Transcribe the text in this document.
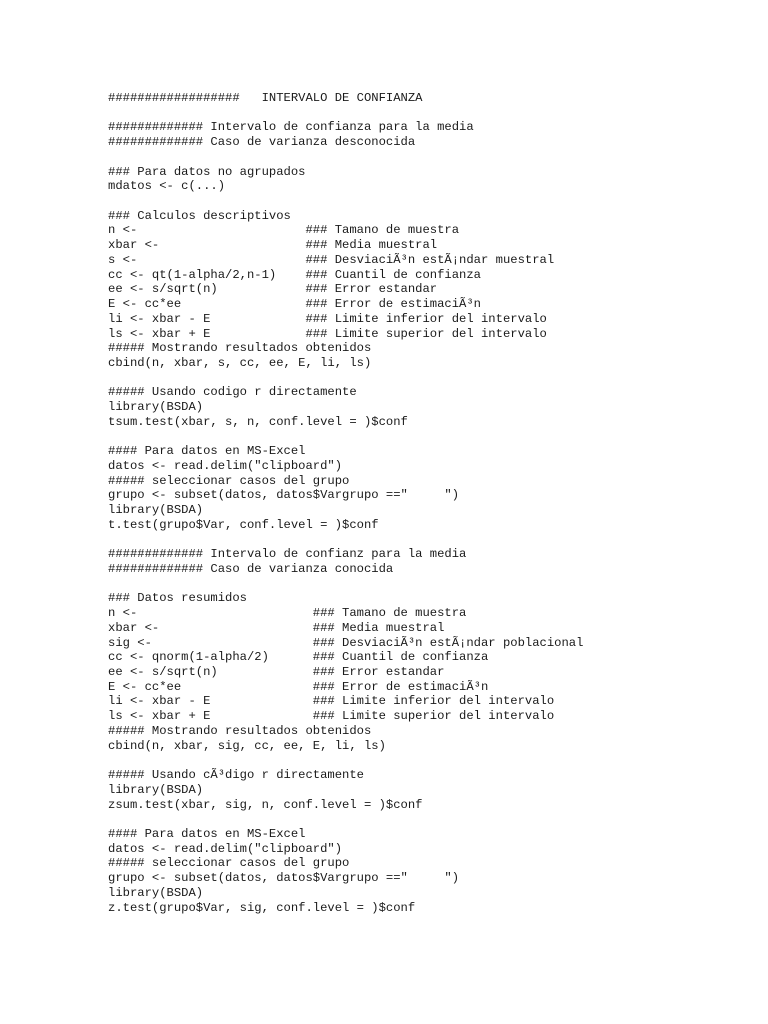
##################   INTERVALO DE CONFIANZA
############# Intervalo de confianza para la media
############# Caso de varianza desconocida
### Para datos no agrupados
mdatos <- c(...)
### Calculos descriptivos
n <-                       ### Tamano de muestra
xbar <-                    ### Media muestral
s <-                       ### DesviaciÃ³n estÃ¡ndar muestral
cc <- qt(1-alpha/2,n-1)    ### Cuantil de confianza
ee <- s/sqrt(n)            ### Error estandar
E <- cc*ee                 ### Error de estimaciÃ³n
li <- xbar - E             ### Limite inferior del intervalo
ls <- xbar + E             ### Limite superior del intervalo
##### Mostrando resultados obtenidos
cbind(n, xbar, s, cc, ee, E, li, ls)
##### Usando codigo r directamente
library(BSDA)
tsum.test(xbar, s, n, conf.level = )$conf
#### Para datos en MS-Excel
datos <- read.delim("clipboard")
##### seleccionar casos del grupo
grupo <- subset(datos, datos$Vargrupo =="     ")
library(BSDA)
t.test(grupo$Var, conf.level = )$conf
############# Intervalo de confianz para la media
############# Caso de varianza conocida
### Datos resumidos
n <-                        ### Tamano de muestra
xbar <-                     ### Media muestral
sig <-                      ### DesviaciÃ³n estÃ¡ndar poblacional
cc <- qnorm(1-alpha/2)      ### Cuantil de confianza
ee <- s/sqrt(n)             ### Error estandar
E <- cc*ee                  ### Error de estimaciÃ³n
li <- xbar - E              ### Limite inferior del intervalo
ls <- xbar + E              ### Limite superior del intervalo
##### Mostrando resultados obtenidos
cbind(n, xbar, sig, cc, ee, E, li, ls)
##### Usando cÃ³digo r directamente
library(BSDA)
zsum.test(xbar, sig, n, conf.level = )$conf
#### Para datos en MS-Excel
datos <- read.delim("clipboard")
##### seleccionar casos del grupo
grupo <- subset(datos, datos$Vargrupo =="     ")
library(BSDA)
z.test(grupo$Var, sig, conf.level = )$conf
